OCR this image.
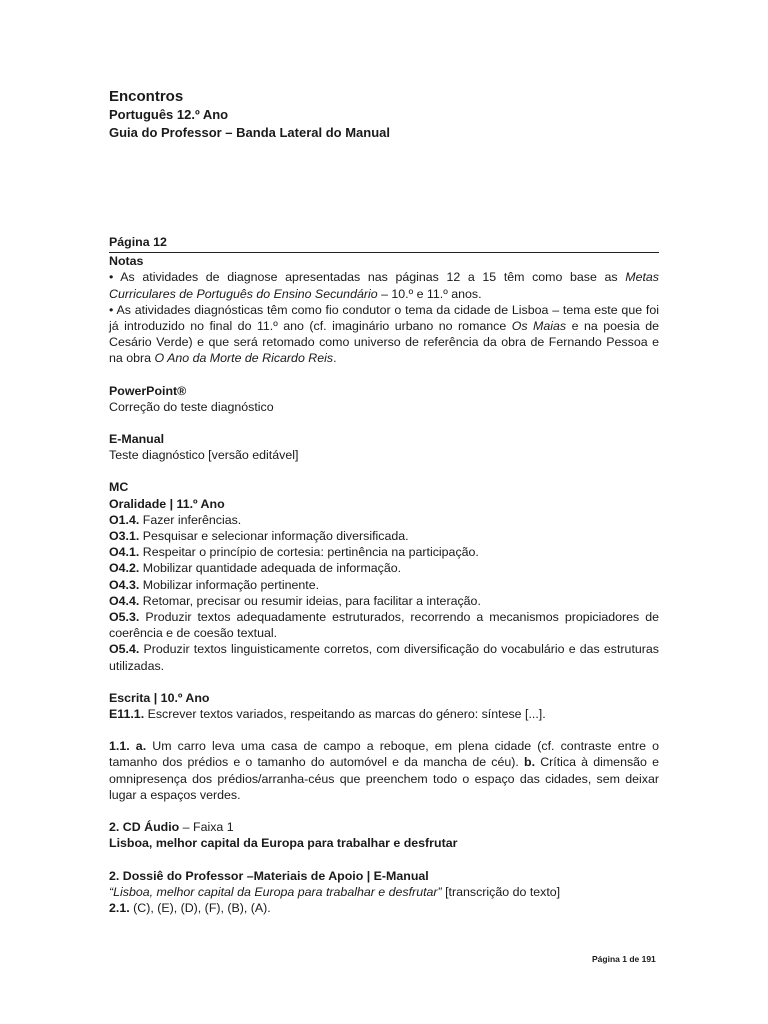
Encontros
Português 12.º Ano
Guia do Professor – Banda Lateral do Manual
Página 12
Notas

• As atividades de diagnose apresentadas nas páginas 12 a 15 têm como base as Metas Curriculares de Português do Ensino Secundário – 10.º e 11.º anos.

• As atividades diagnósticas têm como fio condutor o tema da cidade de Lisboa – tema este que foi já introduzido no final do 11.º ano (cf. imaginário urbano no romance Os Maias e na poesia de Cesário Verde) e que será retomado como universo de referência da obra de Fernando Pessoa e na obra O Ano da Morte de Ricardo Reis.

PowerPoint®
Correção do teste diagnóstico
E-Manual
Teste diagnóstico [versão editável]
MC
Oralidade | 11.º Ano

O1.4. Fazer inferências.

O3.1. Pesquisar e selecionar informação diversificada.

O4.1. Respeitar o princípio de cortesia: pertinência na participação.

O4.2. Mobilizar quantidade adequada de informação.

O4.3. Mobilizar informação pertinente.

O4.4. Retomar, precisar ou resumir ideias, para facilitar a interação.

O5.3. Produzir textos adequadamente estruturados, recorrendo a mecanismos propiciadores de coerência e de coesão textual.

O5.4. Produzir textos linguisticamente corretos, com diversificação do vocabulário e das estruturas utilizadas.

Escrita | 10.º Ano

E11.1. Escrever textos variados, respeitando as marcas do género: síntese [...].

1.1. a. Um carro leva uma casa de campo a reboque, em plena cidade (cf. contraste entre o tamanho dos prédios e o tamanho do automóvel e da mancha de céu). b. Crítica à dimensão e omnipresença dos prédios/arranha-céus que preenchem todo o espaço das cidades, sem deixar lugar a espaços verdes.

2. CD Áudio – Faixa 1
Lisboa, melhor capital da Europa para trabalhar e desfrutar
2. Dossiê do Professor –Materiais de Apoio | E-Manual
“Lisboa, melhor capital da Europa para trabalhar e desfrutar” [transcrição do texto]
2.1. (C), (E), (D), (F), (B), (A).
Página 1 de 191
